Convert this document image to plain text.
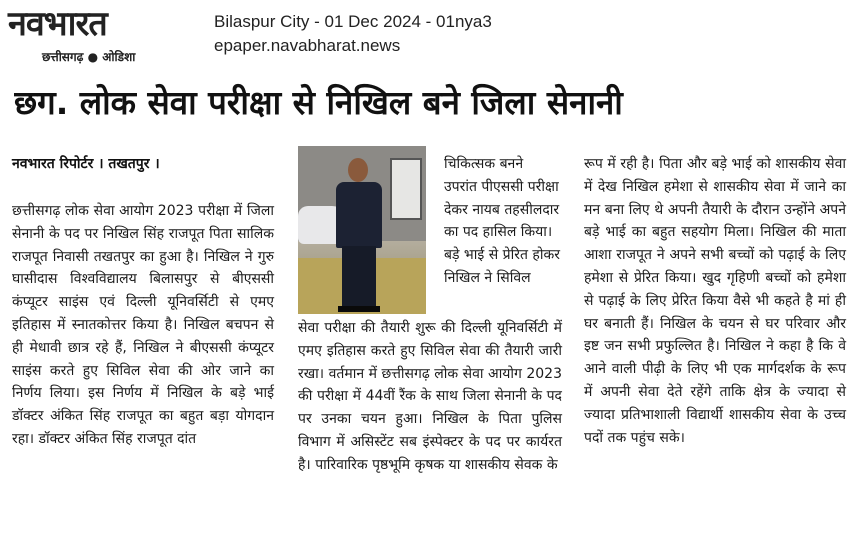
नवभारत
छत्तीसगढ़ ● ओडिशा
Bilaspur City - 01 Dec 2024 - 01nya3
epaper.navabharat.news
छग. लोक सेवा परीक्षा से निखिल बने जिला सेनानी
नवभारत रिपोर्टर । तखतपुर ।

छत्तीसगढ़ लोक सेवा आयोग 2023 परीक्षा में जिला सेनानी के पद पर निखिल सिंह राजपूत पिता सालिक राजपूत निवासी तखतपुर का हुआ है। निखिल ने गुरु घासीदास विश्वविद्यालय बिलासपुर से बीएससी कंप्यूटर साइंस एवं दिल्ली यूनिवर्सिटी से एमए इतिहास में स्नातकोत्तर किया है। निखिल बचपन से ही मेधावी छात्र रहे हैं, निखिल ने बीएससी कंप्यूटर साइंस करते हुए सिविल सेवा की ओर जाने का निर्णय लिया। इस निर्णय में निखिल के बड़े भाई डॉक्टर अंकित सिंह राजपूत का बहुत बड़ा योगदान रहा। डॉक्टर अंकित सिंह राजपूत दांत

चिकित्सक बनने उपरांत पीएससी परीक्षा देकर नायब तहसीलदार का पद हासिल किया। बड़े भाई से प्रेरित होकर निखिल ने सिविल

सेवा परीक्षा की तैयारी शुरू की दिल्ली यूनिवर्सिटी में एमए इतिहास करते हुए सिविल सेवा की तैयारी जारी रखा। वर्तमान में छत्तीसगढ़ लोक सेवा आयोग 2023 की परीक्षा में 44वीं रैंक के साथ जिला सेनानी के पद पर उनका चयन हुआ। निखिल के पिता पुलिस विभाग में असिस्टेंट सब इंस्पेक्टर के पद पर कार्यरत है। पारिवारिक पृष्ठभूमि कृषक या शासकीय सेवक के

रूप में रही है। पिता और बड़े भाई को शासकीय सेवा में देख निखिल हमेशा से शासकीय सेवा में जाने का मन बना लिए थे अपनी तैयारी के दौरान उन्होंने अपने बड़े भाई का बहुत सहयोग मिला। निखिल की माता आशा राजपूत ने अपने सभी बच्चों को पढ़ाई के लिए हमेशा से प्रेरित किया। खुद गृहिणी बच्चों को हमेशा से पढ़ाई के लिए प्रेरित किया वैसे भी कहते है मां ही घर बनाती हैं। निखिल के चयन से घर परिवार और इष्ट जन सभी प्रफुल्लित है। निखिल ने कहा है कि वे आने वाली पीढ़ी के लिए भी एक मार्गदर्शक के रूप में अपनी सेवा देते रहेंगे ताकि क्षेत्र के ज्यादा से ज्यादा प्रतिभाशाली विद्यार्थी शासकीय सेवा के उच्च पदों तक पहुंच सके।
